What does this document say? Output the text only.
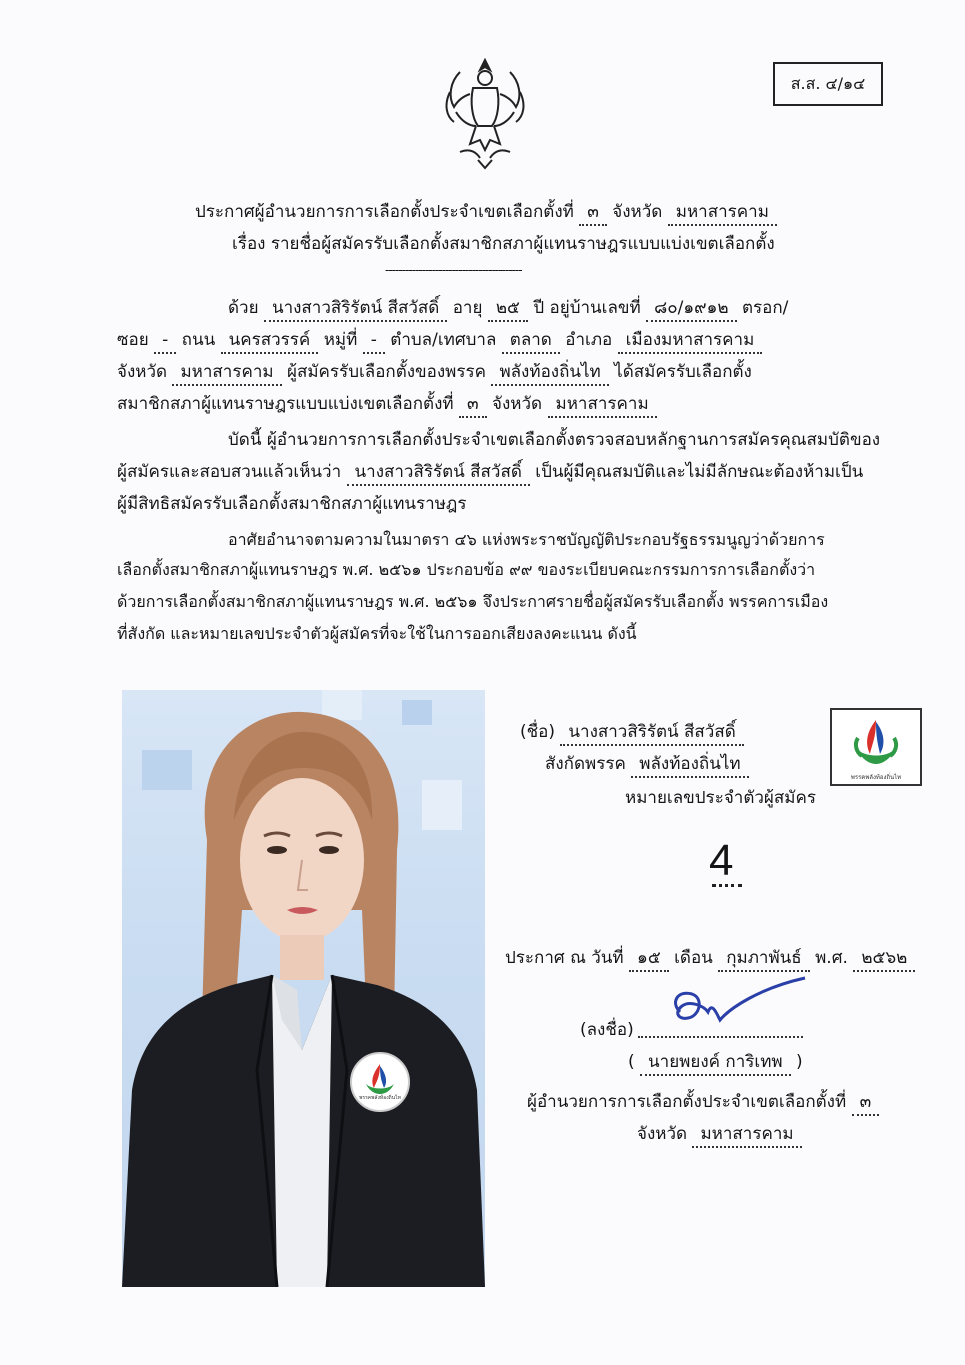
ส.ส. ๔/๑๔
ประกาศผู้อำนวยการการเลือกตั้งประจำเขตเลือกตั้งที่ ๓ จังหวัด มหาสารคาม
เรื่อง รายชื่อผู้สมัครรับเลือกตั้งสมาชิกสภาผู้แทนราษฎรแบบแบ่งเขตเลือกตั้ง
-----------------------------------------
ด้วย นางสาวสิริรัตน์ สีสวัสดิ์ อายุ ๒๕ ปี อยู่บ้านเลขที่ ๘๐/๑๙๑๒ ตรอก/
ซอย - ถนน นครสวรรค์ หมู่ที่ - ตำบล/เทศบาล ตลาด อำเภอ เมืองมหาสารคาม
จังหวัด มหาสารคาม ผู้สมัครรับเลือกตั้งของพรรค พลังท้องถิ่นไท ได้สมัครรับเลือกตั้ง
สมาชิกสภาผู้แทนราษฎรแบบแบ่งเขตเลือกตั้งที่ ๓ จังหวัด มหาสารคาม
บัดนี้ ผู้อำนวยการการเลือกตั้งประจำเขตเลือกตั้งตรวจสอบหลักฐานการสมัครคุณสมบัติของ
ผู้สมัครและสอบสวนแล้วเห็นว่า นางสาวสิริรัตน์ สีสวัสดิ์ เป็นผู้มีคุณสมบัติและไม่มีลักษณะต้องห้ามเป็น
ผู้มีสิทธิสมัครรับเลือกตั้งสมาชิกสภาผู้แทนราษฎร
อาศัยอำนาจตามความในมาตรา ๔๖ แห่งพระราชบัญญัติประกอบรัฐธรรมนูญว่าด้วยการ
เลือกตั้งสมาชิกสภาผู้แทนราษฎร พ.ศ. ๒๕๖๑ ประกอบข้อ ๙๙ ของระเบียบคณะกรรมการการเลือกตั้งว่า
ด้วยการเลือกตั้งสมาชิกสภาผู้แทนราษฎร พ.ศ. ๒๕๖๑ จึงประกาศรายชื่อผู้สมัครรับเลือกตั้ง พรรคการเมือง
ที่สังกัด และหมายเลขประจำตัวผู้สมัครที่จะใช้ในการออกเสียงลงคะแนน ดังนี้
พรรคพลังท้องถิ่นไท
(ชื่อ) นางสาวสิริรัตน์ สีสวัสดิ์
สังกัดพรรค พลังท้องถิ่นไท
หมายเลขประจำตัวผู้สมัคร
พรรคพลังท้องถิ่นไท
4
ประกาศ ณ วันที่ ๑๕ เดือน กุมภาพันธ์ พ.ศ. ๒๕๖๒
(ลงชื่อ)
( นายพยงค์ การิเทพ )
ผู้อำนวยการการเลือกตั้งประจำเขตเลือกตั้งที่ ๓
จังหวัด มหาสารคาม
